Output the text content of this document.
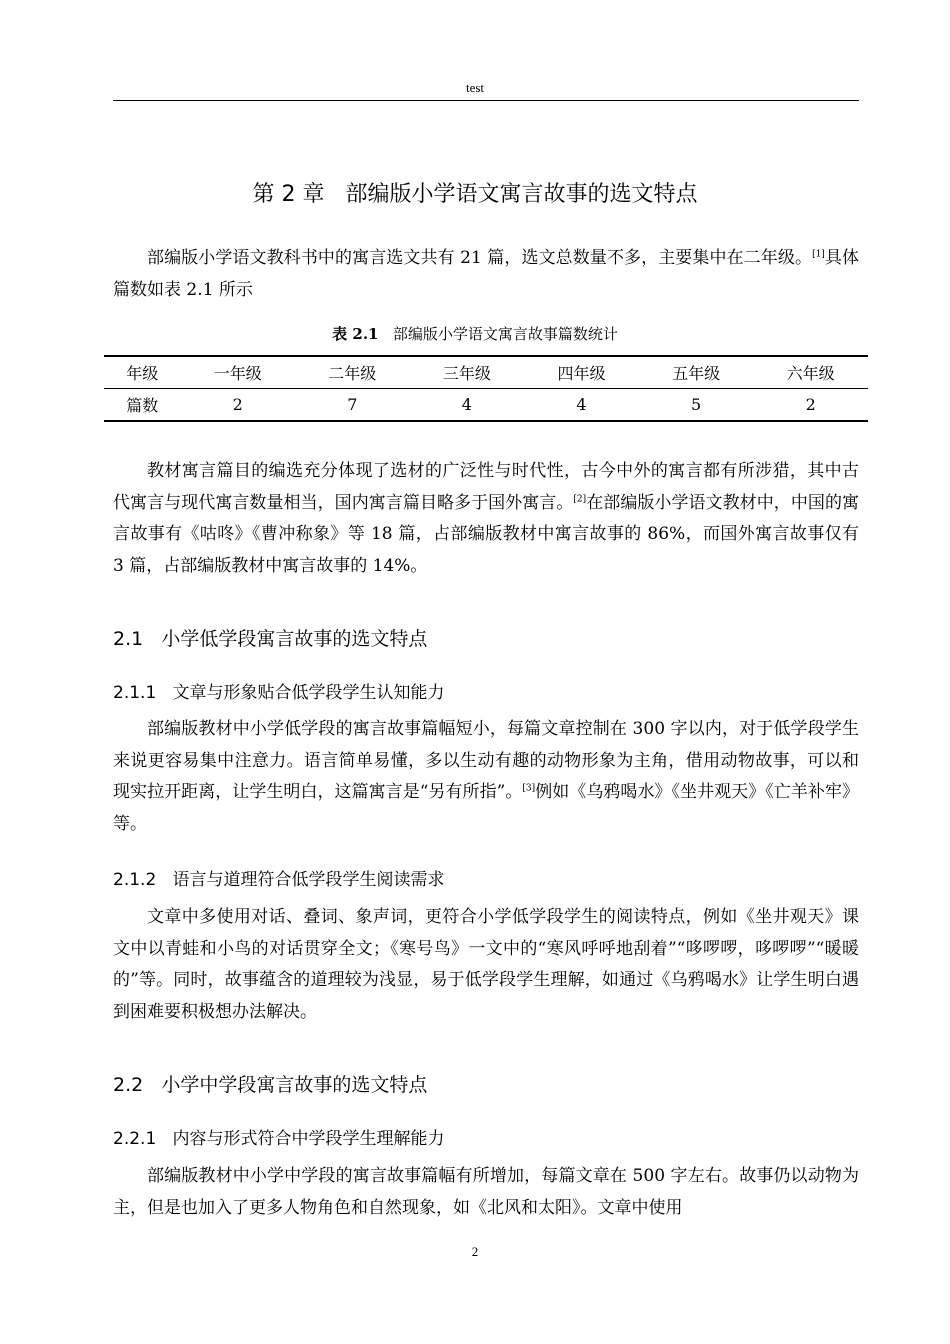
test
第 2 章 部编版小学语文寓言故事的选文特点

部编版小学语文教科书中的寓言选文共有 21 篇，选文总数量不多，主要集中在二年级。[1]具体篇数如表 2.1 所示

表 2.1 部编版小学语文寓言故事篇数统计
年级	一年级	二年级	三年级	四年级	五年级	六年级
篇数	2	7	4	4	5	2

教材寓言篇目的编选充分体现了选材的广泛性与时代性，古今中外的寓言都有所涉猎，其中古代寓言与现代寓言数量相当，国内寓言篇目略多于国外寓言。[2]在部编版小学语文教材中，中国的寓言故事有《咕咚》《曹冲称象》等 18 篇，占部编版教材中寓言故事的 86%，而国外寓言故事仅有 3 篇，占部编版教材中寓言故事的 14%。

2.1 小学低学段寓言故事的选文特点
2.1.1 文章与形象贴合低学段学生认知能力

部编版教材中小学低学段的寓言故事篇幅短小，每篇文章控制在 300 字以内，对于低学段学生来说更容易集中注意力。语言简单易懂，多以生动有趣的动物形象为主角，借用动物故事，可以和现实拉开距离，让学生明白，这篇寓言是“另有所指”。[3]例如《乌鸦喝水》《坐井观天》《亡羊补牢》等。

2.1.2 语言与道理符合低学段学生阅读需求

文章中多使用对话、叠词、象声词，更符合小学低学段学生的阅读特点，例如《坐井观天》课文中以青蛙和小鸟的对话贯穿全文；《寒号鸟》一文中的“寒风呼呼地刮着”“哆啰啰，哆啰啰”“暖暖的”等。同时，故事蕴含的道理较为浅显，易于低学段学生理解，如通过《乌鸦喝水》让学生明白遇到困难要积极想办法解决。

2.2 小学中学段寓言故事的选文特点
2.2.1 内容与形式符合中学段学生理解能力

部编版教材中小学中学段的寓言故事篇幅有所增加，每篇文章在 500 字左右。故事仍以动物为主，但是也加入了更多人物角色和自然现象，如《北风和太阳》。文章中使用

2
